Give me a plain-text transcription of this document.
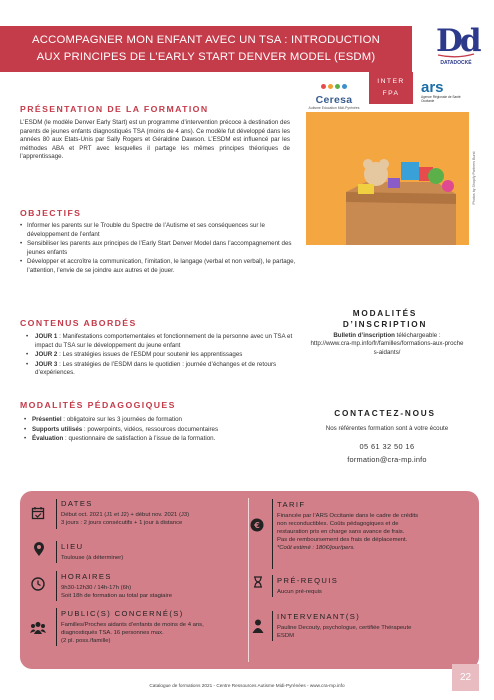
ACCOMPAGNER MON ENFANT AVEC UN TSA : INTRODUCTION
AUX PRINCIPES DE L’EARLY START DENVER MODEL (ESDM)	Dd
DATADOCKÉ
INTER
FPA
Ceresa
Autisme Education Midi-Pyrénées
ars
Agence Régionale de Santé Occitanie
PRÉSENTATION DE LA FORMATION

L’ESDM (le modèle Denver Early Start) est un programme d’intervention précoce à destination des parents de jeunes enfants diagnostiqués TSA (moins de 4 ans). Ce modèle fut développé dans les années 80 aux Etats-Unis par Sally Rogers et Géraldine Dawson. L’ESDM est influencé par les méthodes ABA et PRT avec lesquelles il partage les mêmes principes théoriques de l’apprentissage.	Photos by Shopify Partners Burst
OBJECTIFS
• Informer les parents sur le Trouble du Spectre de l’Autisme et ses conséquences sur le développement de l’enfant
• Sensibiliser les parents aux principes de l’Early Start Denver Model dans l’accompagnement des jeunes enfants
• Développer et accroître la communication, l’imitation, le langage (verbal et non verbal), le partage, l’attention, l’envie de se joindre aux autres et de jouer.
CONTENUS ABORDÉS
• JOUR 1 : Manifestations comportementales et fonctionnement de la personne avec un TSA et impact du TSA sur le développement du jeune enfant
• JOUR 2 : Les stratégies issues de l’ESDM pour soutenir les apprentissages
• JOUR 3 : Les stratégies de l’ESDM dans le quotidien : journée d’échanges et de retours d’expériences.
MODALITÉS PÉDAGOGIQUES
• Présentiel : obligatoire sur les 3 journées de formation
• Supports utilisés : powerpoints, vidéos, ressources documentaires
• Évaluation : questionnaire de satisfaction à l’issue de la formation.
MODALITÉS
D’INSCRIPTION
Bulletin d’inscription téléchargeable :
http://www.cra-mp.info/fr/familles/formations-aux-proches-aidants/
CONTACTEZ-NOUS
Nos référentes formation sont à votre écoute
05 61 32 50 16
formation@cra-mp.info
DATES
Début oct. 2021 (J1 et J2) + début nov. 2021 (J3)
3 jours : 2 jours consécutifs + 1 jour à distance
LIEU
Toulouse (à déterminer)
HORAIRES
9h30-12h30 / 14h-17h (6h)
Soit 18h de formation au total par stagiaire
PUBLIC(S) CONCERNÉ(S)
Familles/Proches aidants d’enfants de moins de 4 ans,
diagnostiqués TSA. 16 personnes max.
(2 pl. poss./famille)
€
TARIF
Financée par l’ARS Occitanie dans le cadre de crédits
non reconductibles. Coûts pédagogiques et de
restauration pris en charge sans avance de frais.
Pas de remboursement des frais de déplacement.
*Coût estimé : 180€/jour/pers.
PRÉ-REQUIS
Aucun pré-requis
INTERVENANT(S)
Pauline Decouty, psychologue, certifiée Thérapeute
ESDM
22
Catalogue de formations 2021 - Centre Ressources Autisme Midi-Pyrénées - www.cra-mp.info
